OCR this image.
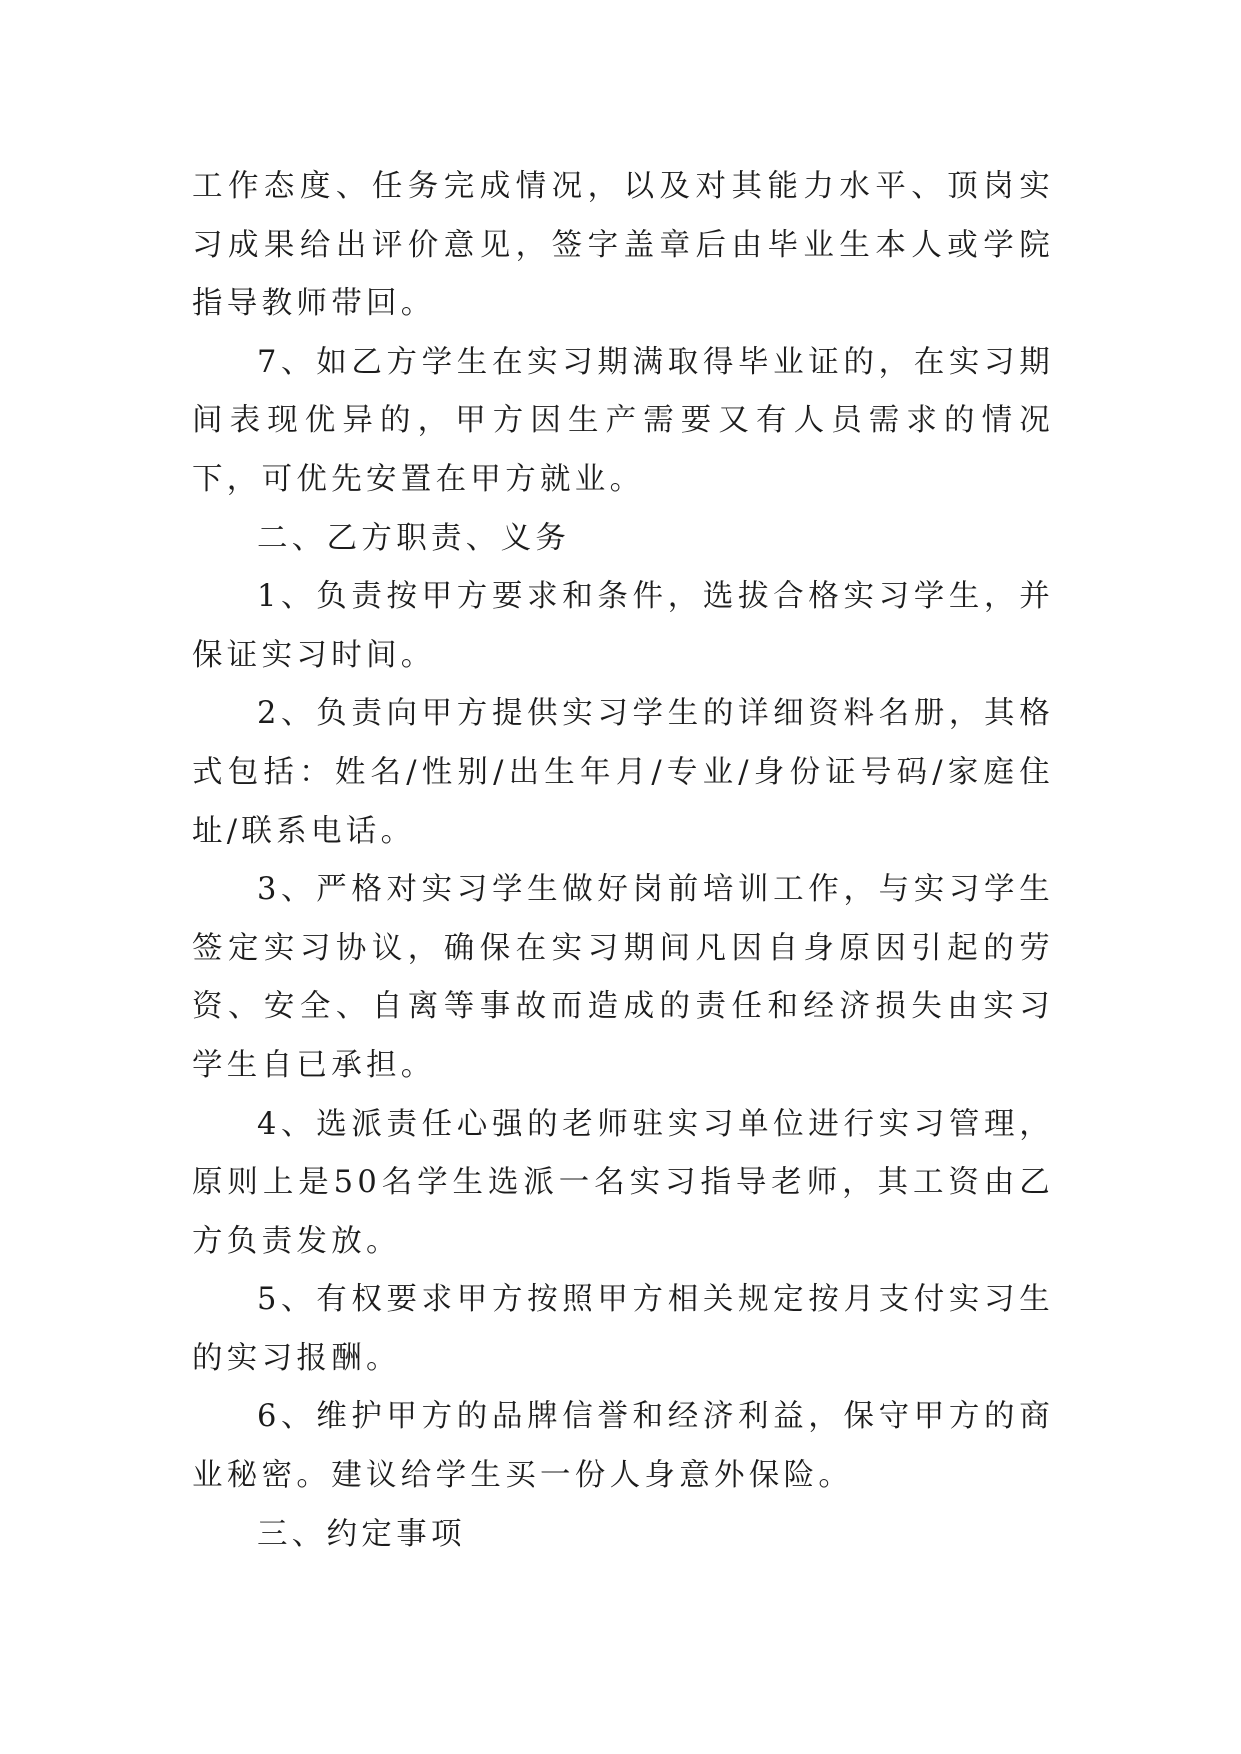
工作态度、任务完成情况，以及对其能力水平、顶岗实习成果给出评价意见，签字盖章后由毕业生本人或学院指导教师带回。

7、如乙方学生在实习期满取得毕业证的，在实习期间表现优异的，甲方因生产需要又有人员需求的情况下，可优先安置在甲方就业。

二、乙方职责、义务

1、负责按甲方要求和条件，选拔合格实习学生，并保证实习时间。

2、负责向甲方提供实习学生的详细资料名册，其格式包括：姓名/性别/出生年月/专业/身份证号码/家庭住址/联系电话。

3、严格对实习学生做好岗前培训工作，与实习学生签定实习协议，确保在实习期间凡因自身原因引起的劳资、安全、自离等事故而造成的责任和经济损失由实习学生自已承担。

4、选派责任心强的老师驻实习单位进行实习管理，原则上是50名学生选派一名实习指导老师，其工资由乙方负责发放。

5、有权要求甲方按照甲方相关规定按月支付实习生的实习报酬。

6、维护甲方的品牌信誉和经济利益，保守甲方的商业秘密。建议给学生买一份人身意外保险。

三、约定事项
